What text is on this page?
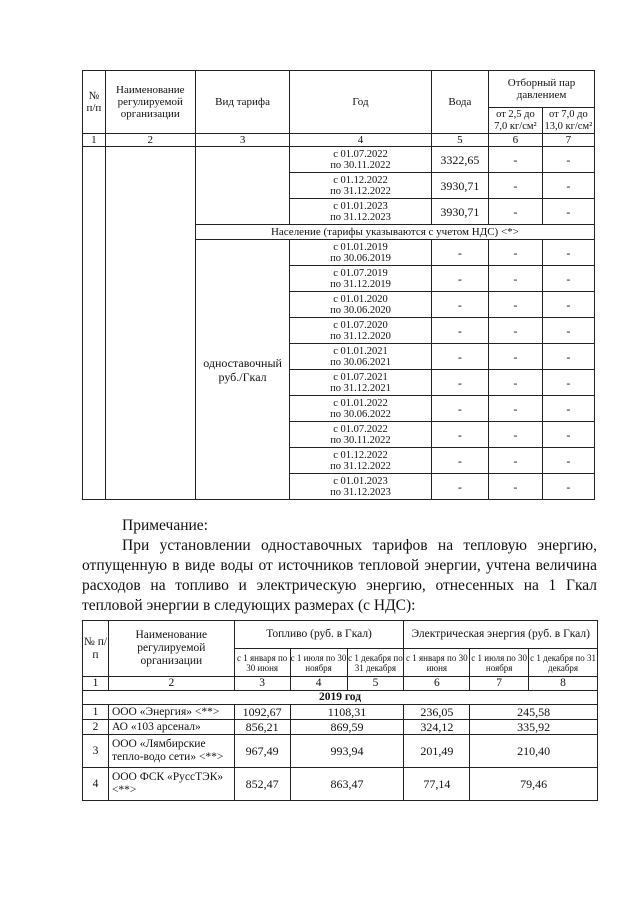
№ п/п	Наименование регулируемой организации	Вид тарифа	Год	Вода	Отборный пар давлением	
					от 2,5 до 7,0 кг/см²	от 7,0 до 13,0 кг/см²
1	2	3	4	5	6	7
			с 01.07.2022
по 30.11.2022	3322,65	-	-
			с 01.12.2022
по 31.12.2022	3930,71	-	-
			с 01.01.2023
по 31.12.2023	3930,71	-	-
		Население (тарифы указываются с учетом НДС) <*>				
		одноставочный руб./Гкал	с 01.01.2019
по 30.06.2019	-	-	-
			с 01.07.2019
по 31.12.2019	-	-	-
			с 01.01.2020
по 30.06.2020	-	-	-
			с 01.07.2020
по 31.12.2020	-	-	-
			с 01.01.2021
по 30.06.2021	-	-	-
			с 01.07.2021
по 31.12.2021	-	-	-
			с 01.01.2022
по 30.06.2022	-	-	-
			с 01.07.2022
по 30.11.2022	-	-	-
			с 01.12.2022
по 31.12.2022	-	-	-
			с 01.01.2023
по 31.12.2023	-	-	-
Примечание:
При установлении одноставочных тарифов на тепловую энергию, отпущенную в виде воды от источников тепловой энергии, учтена величина расходов на топливо и электрическую энергию, отнесенных на 1 Гкал тепловой энергии в следующих размерах (с НДС):
№ п/п	Наименование регулируемой организации	Топливо (руб. в Гкал)			Электрическая энергия (руб. в Гкал)		
		с 1 января по 30 июня	с 1 июля по 30 ноября	с 1 декабря по 31 декабря	с 1 января по 30 июня	с 1 июля по 30 ноября	с 1 декабря по 31 декабря
1	2	3	4	5	6	7	8
2019 год							
1	ООО «Энергия» <**>	1092,67	1108,31		236,05	245,58	
2	АО «103 арсенал»	856,21	869,59		324,12	335,92	
3	ООО «Лямбирские тепло-водо сети» <**>	967,49	993,94		201,49	210,40	
4	ООО ФСК «РуссТЭК» <**>	852,47	863,47		77,14	79,46	
